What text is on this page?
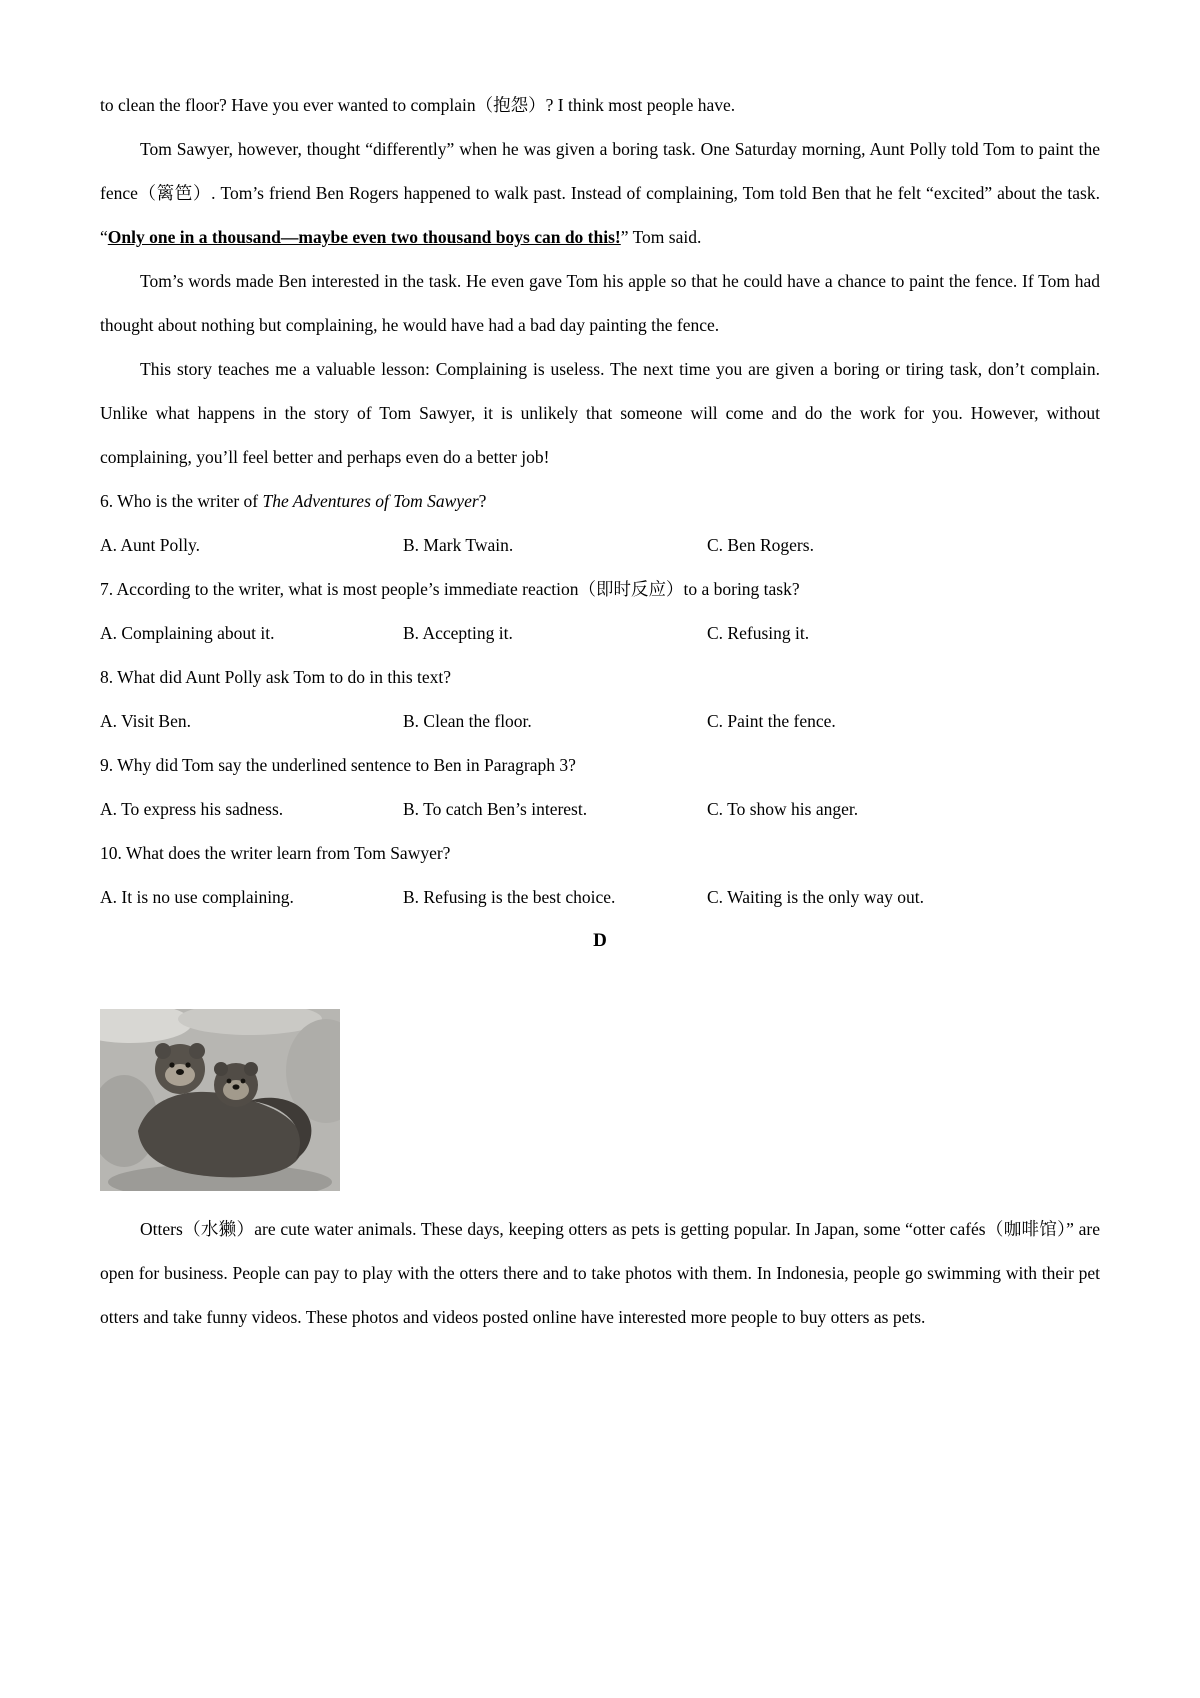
to clean the floor? Have you ever wanted to complain（抱怨）? I think most people have.

Tom Sawyer, however, thought “differently” when he was given a boring task. One Saturday morning, Aunt Polly told Tom to paint the fence（篱笆）. Tom’s friend Ben Rogers happened to walk past. Instead of complaining, Tom told Ben that he felt “excited” about the task. “Only one in a thousand—maybe even two thousand boys can do this!” Tom said.

Tom’s words made Ben interested in the task. He even gave Tom his apple so that he could have a chance to paint the fence. If Tom had thought about nothing but complaining, he would have had a bad day painting the fence.

This story teaches me a valuable lesson: Complaining is useless. The next time you are given a boring or tiring task, don’t complain. Unlike what happens in the story of Tom Sawyer, it is unlikely that someone will come and do the work for you. However, without complaining, you’ll feel better and perhaps even do a better job!

6. Who is the writer of The Adventures of Tom Sawyer?

A. Aunt Polly.	B. Mark Twain.	C. Ben Rogers.

7. According to the writer, what is most people’s immediate reaction（即时反应）to a boring task?

A. Complaining about it.	B. Accepting it.	C. Refusing it.

8. What did Aunt Polly ask Tom to do in this text?

A. Visit Ben.	B. Clean the floor.	C. Paint the fence.

9. Why did Tom say the underlined sentence to Ben in Paragraph 3?

A. To express his sadness.	B. To catch Ben’s interest.	C. To show his anger.

10. What does the writer learn from Tom Sawyer?

A. It is no use complaining.	B. Refusing is the best choice.	C. Waiting is the only way out.

D

Otters（水獭）are cute water animals. These days, keeping otters as pets is getting popular. In Japan, some “otter cafés（咖啡馆）” are open for business. People can pay to play with the otters there and to take photos with them. In Indonesia, people go swimming with their pet otters and take funny videos. These photos and videos posted online have interested more people to buy otters as pets.
